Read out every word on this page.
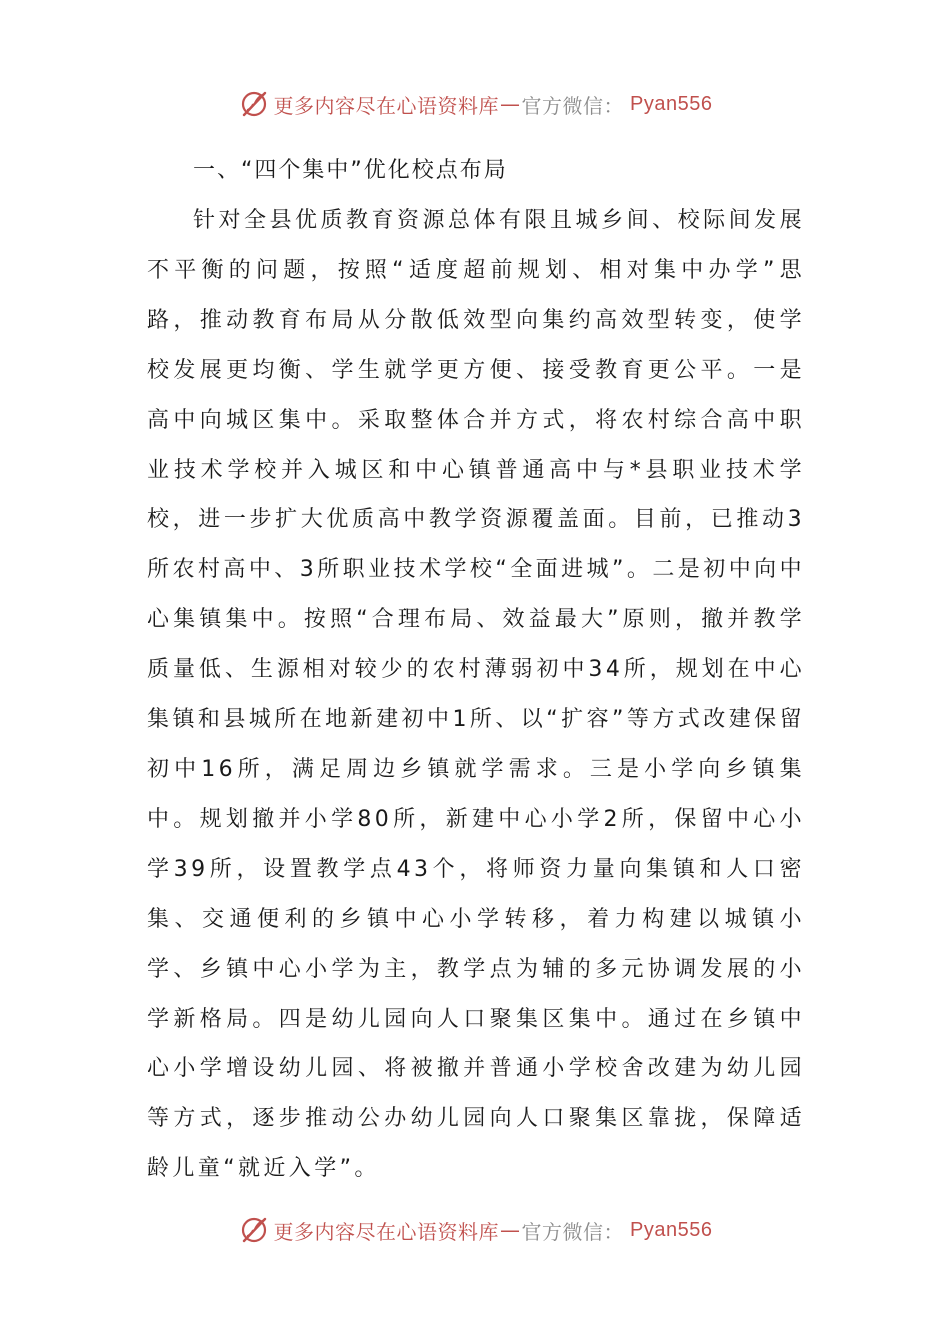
更多内容尽在心语资料库 — 官方微信： Pyan556
一、“四个集中”优化校点布局

针对全县优质教育资源总体有限且城乡间、校际间发展不平衡的问题，按照“适度超前规划、相对集中办学”思路，推动教育布局从分散低效型向集约高效型转变，使学校发展更均衡、学生就学更方便、接受教育更公平。一是高中向城区集中。采取整体合并方式，将农村综合高中职业技术学校并入城区和中心镇普通高中与*县职业技术学校，进一步扩大优质高中教学资源覆盖面。目前，已推动3所农村高中、3所职业技术学校“全面进城”。二是初中向中心集镇集中。按照“合理布局、效益最大”原则，撤并教学质量低、生源相对较少的农村薄弱初中34所，规划在中心集镇和县城所在地新建初中1所、以“扩容”等方式改建保留初中16所，满足周边乡镇就学需求。三是小学向乡镇集中。规划撤并小学80所，新建中心小学2所，保留中心小学39所，设置教学点43个，将师资力量向集镇和人口密集、交通便利的乡镇中心小学转移，着力构建以城镇小学、乡镇中心小学为主，教学点为辅的多元协调发展的小学新格局。四是幼儿园向人口聚集区集中。通过在乡镇中心小学增设幼儿园、将被撤并普通小学校舍改建为幼儿园等方式，逐步推动公办幼儿园向人口聚集区靠拢，保障适龄儿童“就近入学”。

更多内容尽在心语资料库 — 官方微信： Pyan556
